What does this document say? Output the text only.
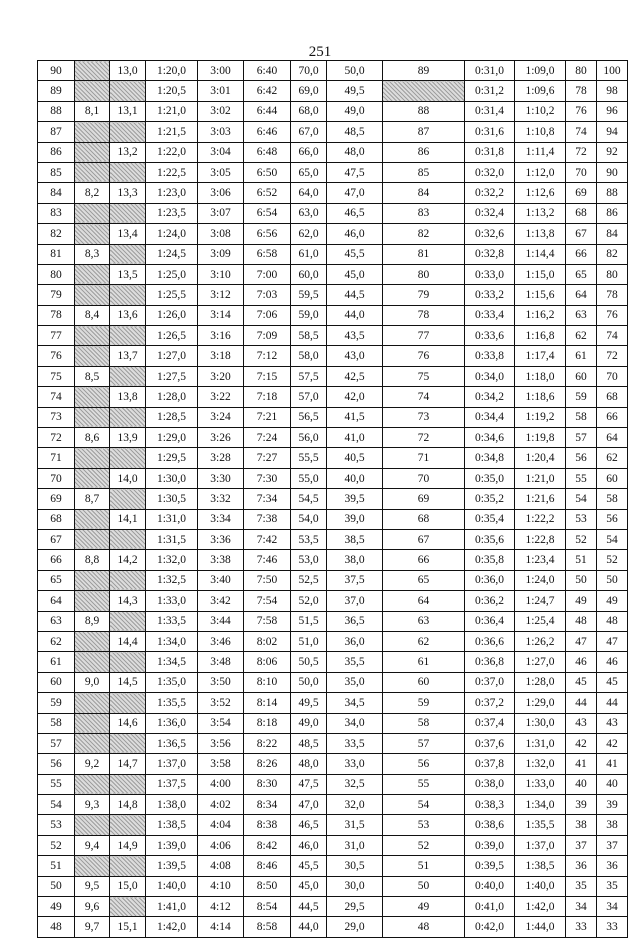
251
90		13,0	1:20,0	3:00	6:40	70,0	50,0	89	0:31,0	1:09,0	80	100
89			1:20,5	3:01	6:42	69,0	49,5		0:31,2	1:09,6	78	98
88	8,1	13,1	1:21,0	3:02	6:44	68,0	49,0	88	0:31,4	1:10,2	76	96
87			1:21,5	3:03	6:46	67,0	48,5	87	0:31,6	1:10,8	74	94
86		13,2	1:22,0	3:04	6:48	66,0	48,0	86	0:31,8	1:11,4	72	92
85			1:22,5	3:05	6:50	65,0	47,5	85	0:32,0	1:12,0	70	90
84	8,2	13,3	1:23,0	3:06	6:52	64,0	47,0	84	0:32,2	1:12,6	69	88
83			1:23,5	3:07	6:54	63,0	46,5	83	0:32,4	1:13,2	68	86
82		13,4	1:24,0	3:08	6:56	62,0	46,0	82	0:32,6	1:13,8	67	84
81	8,3		1:24,5	3:09	6:58	61,0	45,5	81	0:32,8	1:14,4	66	82
80		13,5	1:25,0	3:10	7:00	60,0	45,0	80	0:33,0	1:15,0	65	80
79			1:25,5	3:12	7:03	59,5	44,5	79	0:33,2	1:15,6	64	78
78	8,4	13,6	1:26,0	3:14	7:06	59,0	44,0	78	0:33,4	1:16,2	63	76
77			1:26,5	3:16	7:09	58,5	43,5	77	0:33,6	1:16,8	62	74
76		13,7	1:27,0	3:18	7:12	58,0	43,0	76	0:33,8	1:17,4	61	72
75	8,5		1:27,5	3:20	7:15	57,5	42,5	75	0:34,0	1:18,0	60	70
74		13,8	1:28,0	3:22	7:18	57,0	42,0	74	0:34,2	1:18,6	59	68
73			1:28,5	3:24	7:21	56,5	41,5	73	0:34,4	1:19,2	58	66
72	8,6	13,9	1:29,0	3:26	7:24	56,0	41,0	72	0:34,6	1:19,8	57	64
71			1:29,5	3:28	7:27	55,5	40,5	71	0:34,8	1:20,4	56	62
70		14,0	1:30,0	3:30	7:30	55,0	40,0	70	0:35,0	1:21,0	55	60
69	8,7		1:30,5	3:32	7:34	54,5	39,5	69	0:35,2	1:21,6	54	58
68		14,1	1:31,0	3:34	7:38	54,0	39,0	68	0:35,4	1:22,2	53	56
67			1:31,5	3:36	7:42	53,5	38,5	67	0:35,6	1:22,8	52	54
66	8,8	14,2	1:32,0	3:38	7:46	53,0	38,0	66	0:35,8	1:23,4	51	52
65			1:32,5	3:40	7:50	52,5	37,5	65	0:36,0	1:24,0	50	50
64		14,3	1:33,0	3:42	7:54	52,0	37,0	64	0:36,2	1:24,7	49	49
63	8,9		1:33,5	3:44	7:58	51,5	36,5	63	0:36,4	1:25,4	48	48
62		14,4	1:34,0	3:46	8:02	51,0	36,0	62	0:36,6	1:26,2	47	47
61			1:34,5	3:48	8:06	50,5	35,5	61	0:36,8	1:27,0	46	46
60	9,0	14,5	1:35,0	3:50	8:10	50,0	35,0	60	0:37,0	1:28,0	45	45
59			1:35,5	3:52	8:14	49,5	34,5	59	0:37,2	1:29,0	44	44
58		14,6	1:36,0	3:54	8:18	49,0	34,0	58	0:37,4	1:30,0	43	43
57			1:36,5	3:56	8:22	48,5	33,5	57	0:37,6	1:31,0	42	42
56	9,2	14,7	1:37,0	3:58	8:26	48,0	33,0	56	0:37,8	1:32,0	41	41
55			1:37,5	4:00	8:30	47,5	32,5	55	0:38,0	1:33,0	40	40
54	9,3	14,8	1:38,0	4:02	8:34	47,0	32,0	54	0:38,3	1:34,0	39	39
53			1:38,5	4:04	8:38	46,5	31,5	53	0:38,6	1:35,5	38	38
52	9,4	14,9	1:39,0	4:06	8:42	46,0	31,0	52	0:39,0	1:37,0	37	37
51			1:39,5	4:08	8:46	45,5	30,5	51	0:39,5	1:38,5	36	36
50	9,5	15,0	1:40,0	4:10	8:50	45,0	30,0	50	0:40,0	1:40,0	35	35
49	9,6		1:41,0	4:12	8:54	44,5	29,5	49	0:41,0	1:42,0	34	34
48	9,7	15,1	1:42,0	4:14	8:58	44,0	29,0	48	0:42,0	1:44,0	33	33
